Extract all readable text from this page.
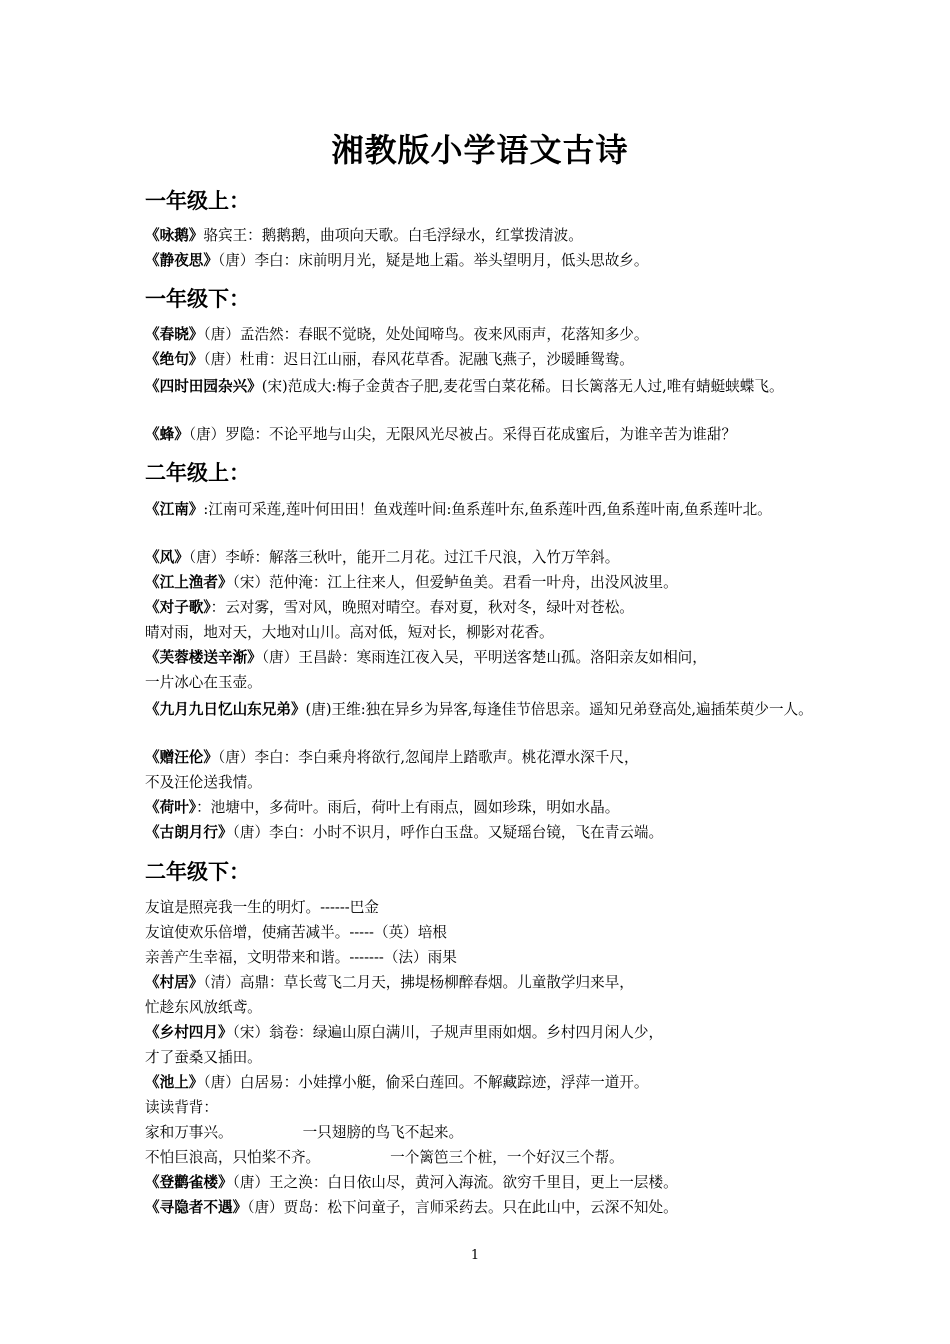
湘教版小学语文古诗
一年级上：

《咏鹅》骆宾王：鹅鹅鹅，曲项向天歌。白毛浮绿水，红掌拨清波。

《静夜思》（唐）李白：床前明月光，疑是地上霜。举头望明月，低头思故乡。

一年级下：

《春晓》（唐）孟浩然：春眠不觉晓，处处闻啼鸟。夜来风雨声，花落知多少。

《绝句》（唐）杜甫：迟日江山丽，春风花草香。泥融飞燕子，沙暖睡鸳鸯。

《四时田园杂兴》(宋)范成大:梅子金黄杏子肥,麦花雪白菜花稀。日长篱落无人过,唯有蜻蜓蛱蝶飞。

《蜂》（唐）罗隐：不论平地与山尖，无限风光尽被占。采得百花成蜜后，为谁辛苦为谁甜？

二年级上：

《江南》:江南可采莲,莲叶何田田！鱼戏莲叶间:鱼系莲叶东,鱼系莲叶西,鱼系莲叶南,鱼系莲叶北。

《风》（唐）李峤：解落三秋叶，能开二月花。过江千尺浪，入竹万竿斜。

《江上渔者》（宋）范仲淹：江上往来人，但爱鲈鱼美。君看一叶舟，出没风波里。

《对子歌》：云对雾，雪对风，晚照对晴空。春对夏，秋对冬，绿叶对苍松。

晴对雨，地对天，大地对山川。高对低，短对长，柳影对花香。

《芙蓉楼送辛渐》（唐）王昌龄：寒雨连江夜入吴，平明送客楚山孤。洛阳亲友如相问，

一片冰心在玉壶。

《九月九日忆山东兄弟》(唐)王维:独在异乡为异客,每逢佳节倍思亲。遥知兄弟登高处,遍插茱萸少一人。

《赠汪伦》（唐）李白：李白乘舟将欲行,忽闻岸上踏歌声。桃花潭水深千尺，

不及汪伦送我情。

《荷叶》：池塘中，多荷叶。雨后，荷叶上有雨点，圆如珍珠，明如水晶。

《古朗月行》（唐）李白：小时不识月，呼作白玉盘。又疑瑶台镜，飞在青云端。

二年级下：

友谊是照亮我一生的明灯。------巴金

友谊使欢乐倍增，使痛苦减半。-----（英）培根

亲善产生幸福，文明带来和谐。-------（法）雨果

《村居》（清）高鼎：草长莺飞二月天，拂堤杨柳醉春烟。儿童散学归来早，

忙趁东风放纸鸢。

《乡村四月》（宋）翁卷：绿遍山原白满川，子规声里雨如烟。乡村四月闲人少，

才了蚕桑又插田。

《池上》（唐）白居易：小娃撑小艇，偷采白莲回。不解藏踪迹，浮萍一道开。

读读背背：

家和万事兴。	一只翅膀的鸟飞不起来。

不怕巨浪高，只怕桨不齐。	一个篱笆三个桩，一个好汉三个帮。

《登鹳雀楼》（唐）王之涣：白日依山尽，黄河入海流。欲穷千里目，更上一层楼。

《寻隐者不遇》（唐）贾岛：松下问童子，言师采药去。只在此山中，云深不知处。

1
